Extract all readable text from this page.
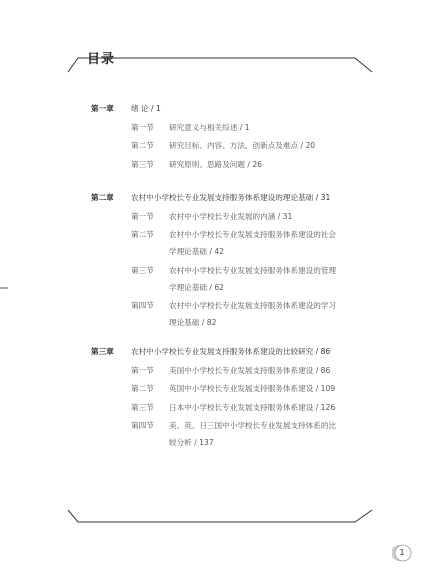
目录
第一章 绪 论 / 1
第一节 研究意义与相关综述 / 1
第二节 研究目标、内容、方法、创新点及难点 / 20
第三节 研究原则、思路及问题 / 26
第二章 农村中小学校长专业发展支持服务体系建设的理论基础 / 31
第一节 农村中小学校长专业发展的内涵 / 31
第二节 农村中小学校长专业发展支持服务体系建设的社会
学理论基础 / 42
第三节 农村中小学校长专业发展支持服务体系建设的管理
学理论基础 / 62
第四节 农村中小学校长专业发展支持服务体系建设的学习
理论基础 / 82
第三章 农村中小学校长专业发展支持服务体系建设的比较研究 / 86
第一节 美国中小学校长专业发展支持服务体系建设 / 86
第二节 英国中小学校长专业发展支持服务体系建设 / 109
第三节 日本中小学校长专业发展支持服务体系建设 / 126
第四节 美、英、日三国中小学校长专业发展支持体系的比
较分析 / 137
1
